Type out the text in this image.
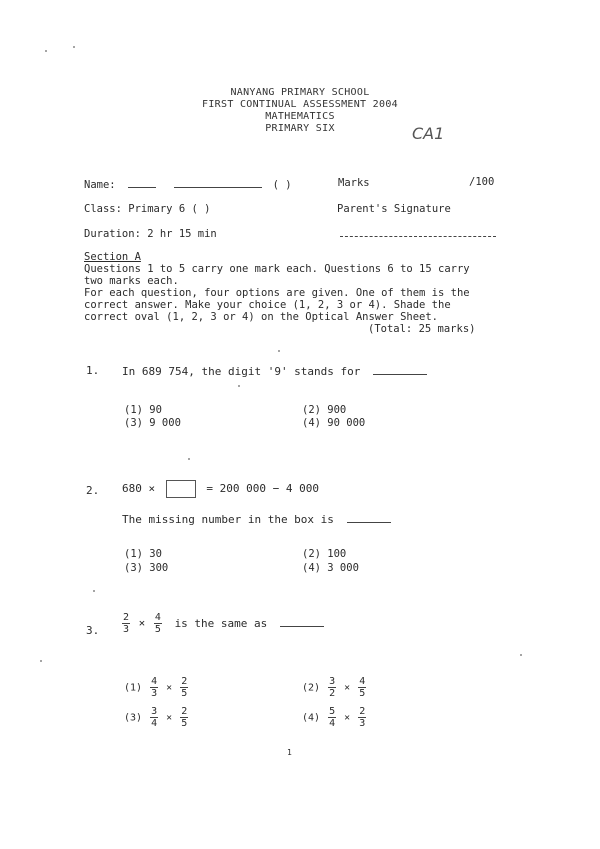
NANYANG PRIMARY SCHOOL
FIRST CONTINUAL ASSESSMENT 2004
MATHEMATICS
PRIMARY SIX	CA1
Name:	( )	Marks	/100
Class: Primary 6 ( )	Parent's Signature
Duration: 2 hr 15 min
Section A
Questions 1 to 5 carry one mark each. Questions 6 to 15 carry
two marks each.
For each question, four options are given. One of them is the
correct answer. Make your choice (1, 2, 3 or 4). Shade the
correct oval (1, 2, 3 or 4) on the Optical Answer Sheet.
(Total: 25 marks)
1. In 689 754, the digit '9' stands for
(1) 90	(2) 900
(3) 9 000	(4) 90 000
2. 680 ×	= 200 000 − 4 000
The missing number in the box is
(1) 30	(2) 100
(3) 300	(4) 3 000
3. $\frac{2}{3} \times \frac{4}{5}$ is the same as
$(1) \frac{4}{3} \times \frac{2}{5}$	$(2) \frac{3}{2} \times \frac{4}{5}$
$(3) \frac{3}{4} \times \frac{2}{5}$	$(4) \frac{5}{4} \times \frac{2}{3}$
1
